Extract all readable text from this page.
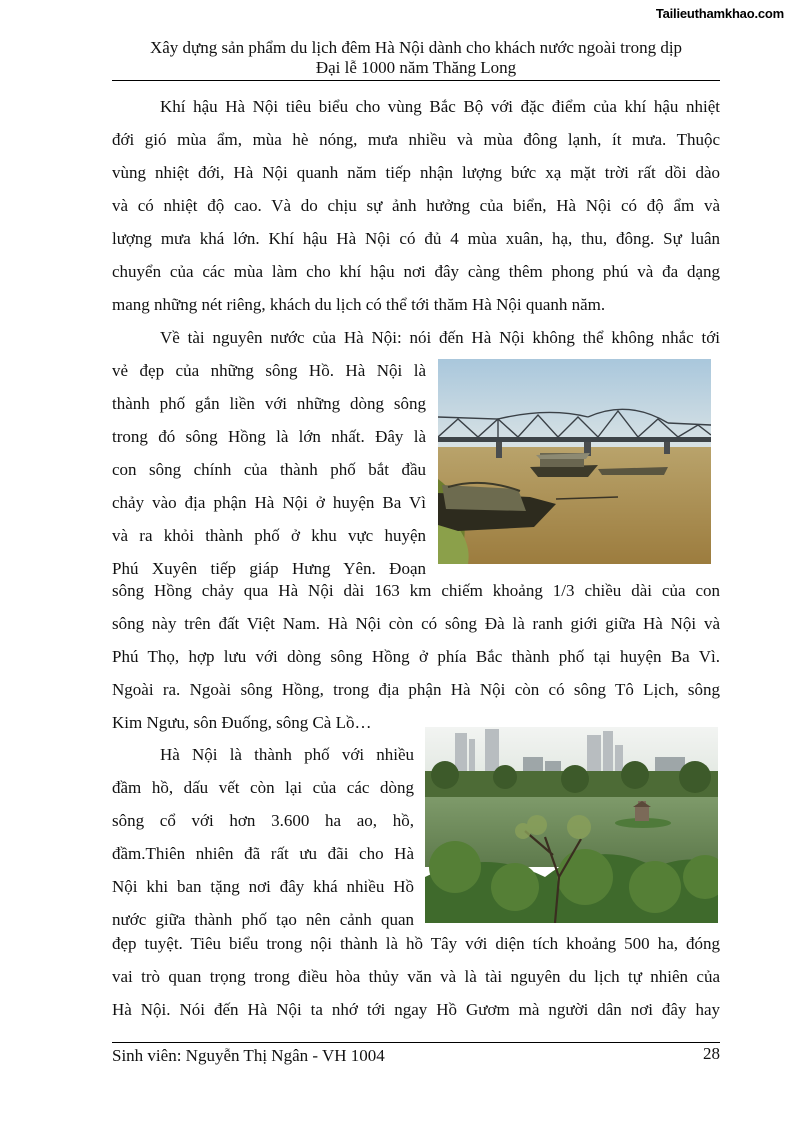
Tailieuthamkhao.com
Xây dựng sản phẩm du lịch đêm Hà Nội dành cho khách nước ngoài trong dịp
Đại lễ 1000 năm Thăng Long
Khí hậu Hà Nội tiêu biểu cho vùng Bắc Bộ với đặc điểm của khí hậu nhiệt
đới gió mùa ẩm, mùa hè nóng, mưa nhiều và mùa đông lạnh, ít mưa. Thuộc
vùng nhiệt đới, Hà Nội quanh năm tiếp nhận lượng bức xạ mặt trời rất dồi dào
và có nhiệt độ cao. Và do chịu sự ảnh hưởng của biển, Hà Nội có độ ẩm và
lượng mưa khá lớn. Khí hậu Hà Nội có đủ 4 mùa xuân, hạ, thu, đông. Sự luân
chuyển của các mùa làm cho khí hậu nơi đây càng thêm phong phú và đa dạng
mang những nét riêng, khách du lịch có thể tới thăm Hà Nội quanh năm.
Về tài nguyên nước của Hà Nội: nói đến Hà Nội không thể không nhắc tới
vẻ đẹp của những sông Hồ. Hà Nội là
thành phố gắn liền với những dòng sông
trong đó sông Hồng là lớn nhất. Đây là
con sông chính của thành phố bắt đầu
chảy vào địa phận Hà Nội ở huyện Ba Vì
và ra khỏi thành phố ở khu vực huyện
Phú Xuyên tiếp giáp Hưng Yên. Đoạn
sông Hồng chảy qua Hà Nội dài 163 km chiếm khoảng 1/3 chiều dài của con
sông này trên đất Việt Nam. Hà Nội còn có sông Đà là ranh giới giữa Hà Nội và
Phú Thọ, hợp lưu với dòng sông Hồng ở phía Bắc thành phố tại huyện Ba Vì.
Ngoài ra. Ngoài sông Hồng, trong địa phận Hà Nội còn có sông Tô Lịch, sông
Kim Ngưu, sôn Đuống, sông Cà Lồ…
Hà Nội là thành phố với nhiều
đầm hồ, dấu vết còn lại của các dòng
sông cổ với hơn 3.600 ha ao, hồ,
đầm.Thiên nhiên đã rất ưu đãi cho Hà
Nội khi ban tặng nơi đây khá nhiều Hồ
nước giữa thành phố tạo nên cảnh quan
đẹp tuyệt. Tiêu biểu trong nội thành là hồ Tây với diện tích khoảng 500 ha, đóng
vai trò quan trọng trong điều hòa thủy văn và là tài nguyên du lịch tự nhiên của
Hà Nội. Nói đến Hà Nội ta nhớ tới ngay Hồ Gươm mà người dân nơi đây hay
Sinh viên: Nguyễn Thị Ngân - VH 1004	28
